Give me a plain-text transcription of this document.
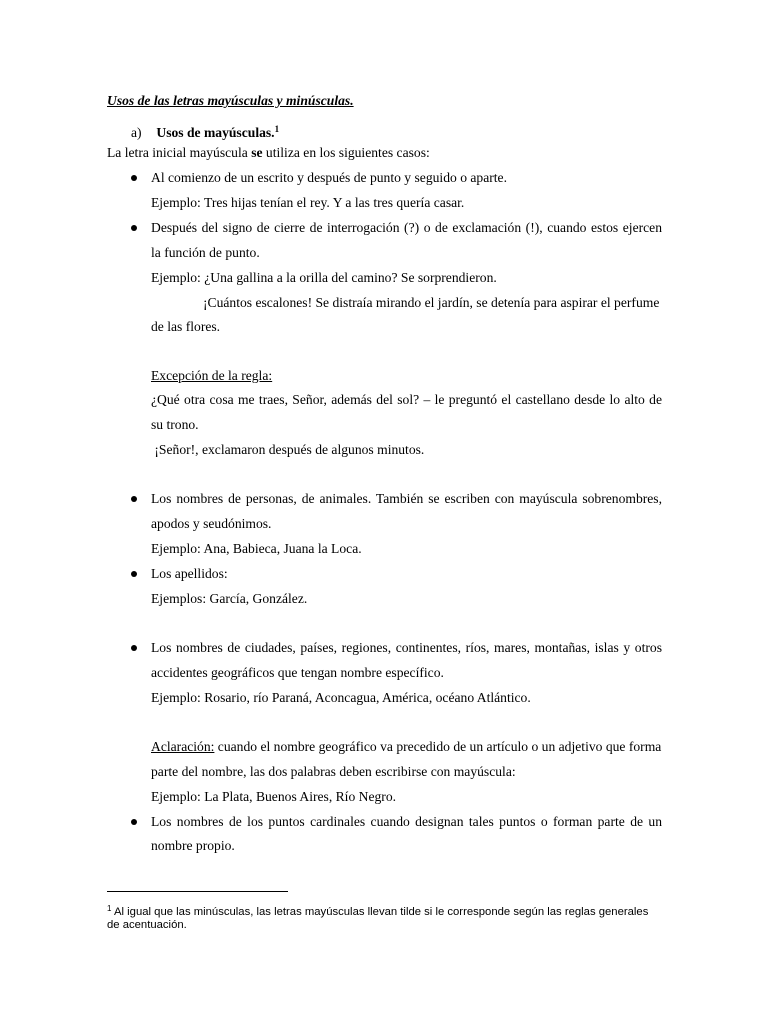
Usos de las letras mayúsculas y minúsculas.
a) Usos de mayúsculas.$^1$
La letra inicial mayúscula se utiliza en los siguientes casos:
Al comienzo de un escrito y después de punto y seguido o aparte.
Ejemplo: Tres hijas tenían el rey. Y a las tres quería casar.
Después del signo de cierre de interrogación (?) o de exclamación (!), cuando estos ejercen
la función de punto.
Ejemplo: ¿Una gallina a la orilla del camino? Se sorprendieron.
¡Cuántos escalones! Se distraía mirando el jardín, se detenía para aspirar el perfume
de las flores.
Excepción de la regla:
¿Qué otra cosa me traes, Señor, además del sol? – le preguntó el castellano desde lo alto de
su trono.
¡Señor!, exclamaron después de algunos minutos.
Los nombres de personas, de animales. También se escriben con mayúscula sobrenombres,
apodos y seudónimos.
Ejemplo: Ana, Babieca, Juana la Loca.
Los apellidos:
Ejemplos: García, González.
Los nombres de ciudades, países, regiones, continentes, ríos, mares, montañas, islas y otros
accidentes geográficos que tengan nombre específico.
Ejemplo: Rosario, río Paraná, Aconcagua, América, océano Atlántico.
Aclaración: cuando el nombre geográfico va precedido de un artículo o un adjetivo que forma
parte del nombre, las dos palabras deben escribirse con mayúscula:
Ejemplo: La Plata, Buenos Aires, Río Negro.
Los nombres de los puntos cardinales cuando designan tales puntos o forman parte de un
nombre propio.
$^1$ Al igual que las minúsculas, las letras mayúsculas llevan tilde si le corresponde según las reglas generales
de acentuación.
